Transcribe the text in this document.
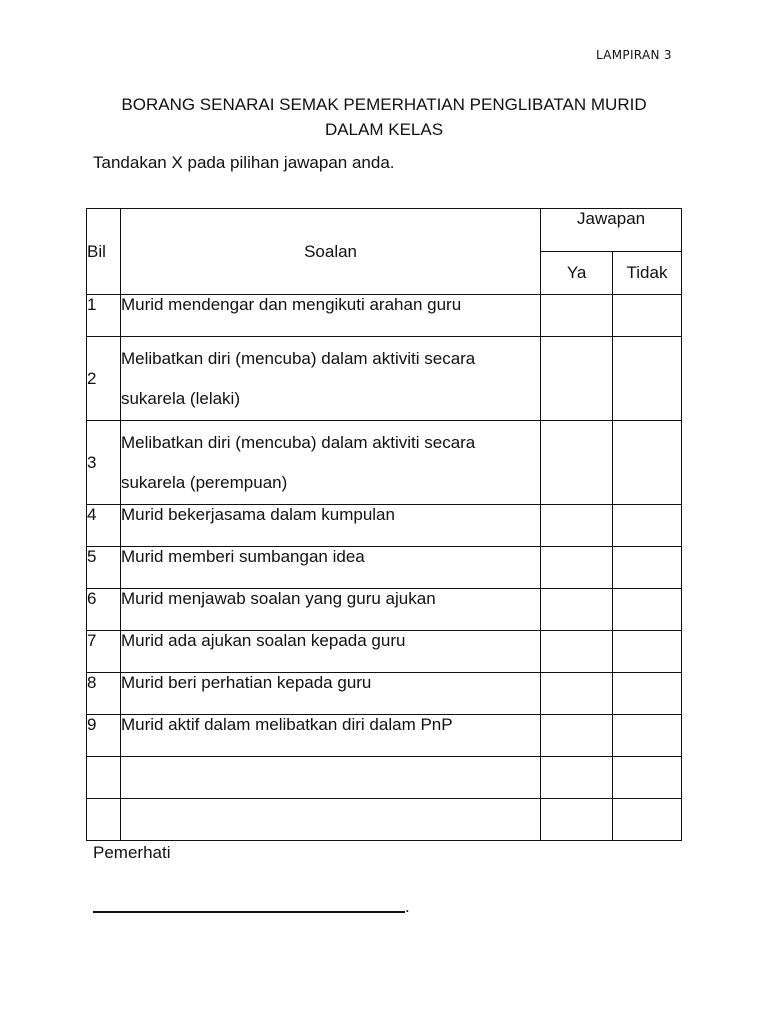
LAMPIRAN 3
BORANG SENARAI SEMAK PEMERHATIAN PENGLIBATAN MURID
DALAM KELAS
Tandakan X pada pilihan jawapan anda.
Bil	Soalan	Jawapan	
		Ya	Tidak
1	Murid mendengar dan mengikuti arahan guru		
2	Melibatkan diri (mencuba) dalam aktiviti secara sukarela (lelaki)		
3	Melibatkan diri (mencuba) dalam aktiviti secara sukarela (perempuan)		
4	Murid bekerjasama dalam kumpulan		
5	Murid memberi sumbangan idea		
6	Murid menjawab soalan yang guru ajukan		
7	Murid ada ajukan soalan kepada guru		
8	Murid beri perhatian kepada guru		
9	Murid aktif dalam melibatkan diri dalam PnP		

Pemerhati
.
